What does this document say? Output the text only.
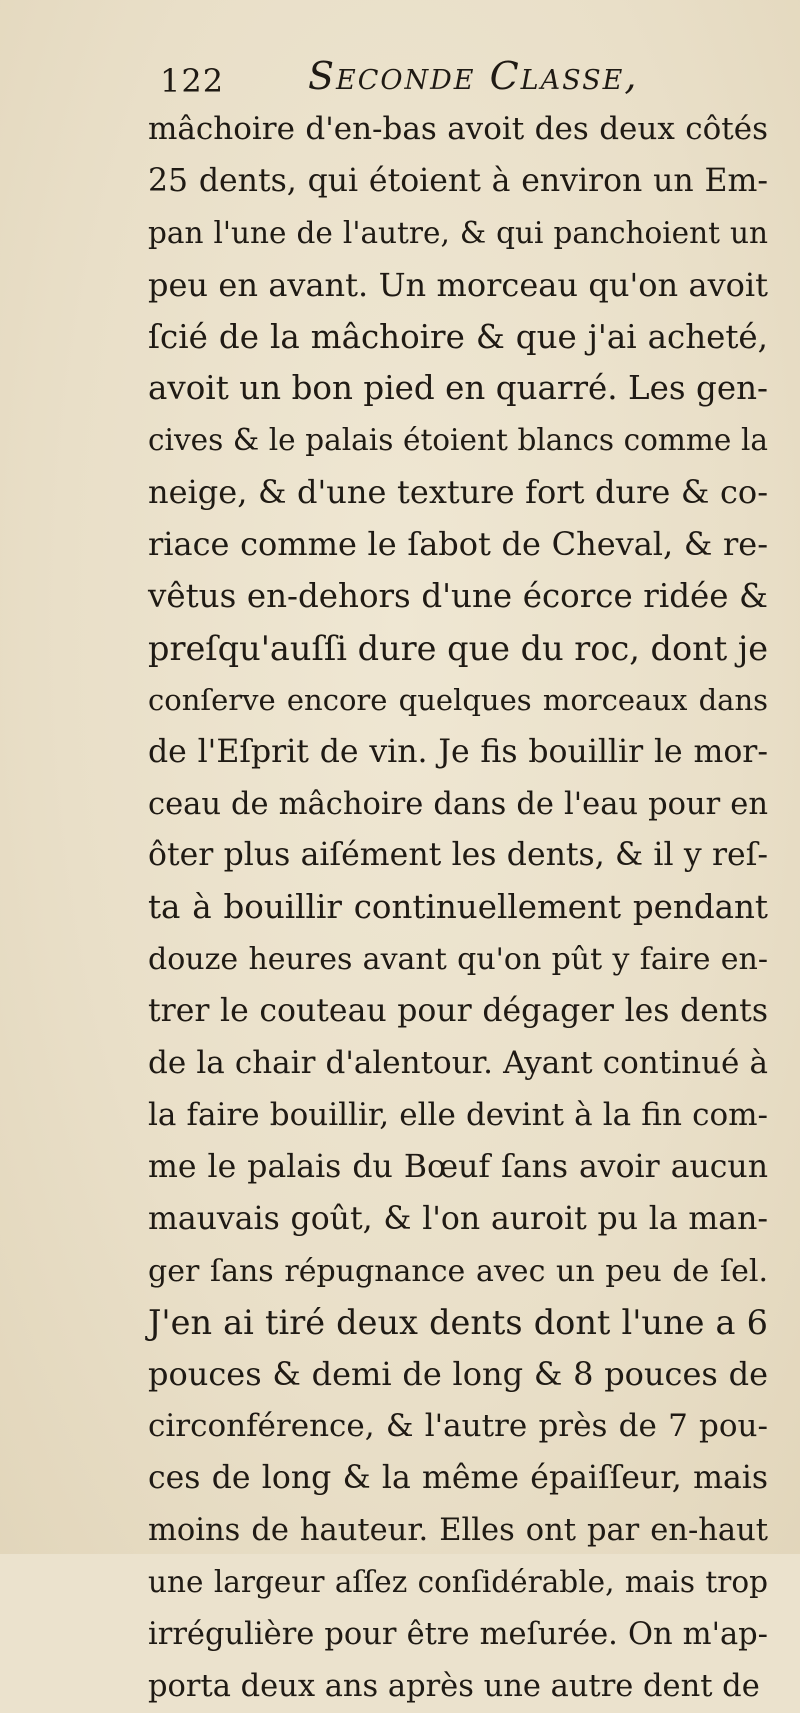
122 Seconde Classe,
mâchoire d'en-bas avoit des deux côtés
25 dents, qui étoient à environ un Em-
pan l'une de l'autre, & qui panchoient un
peu en avant. Un morceau qu'on avoit
ſcié de la mâchoire & que j'ai acheté,
avoit un bon pied en quarré. Les gen-
cives & le palais étoient blancs comme la
neige, & d'une texture fort dure & co-
riace comme le ſabot de Cheval, & re-
vêtus en-dehors d'une écorce ridée &
preſqu'auſſi dure que du roc, dont je
conſerve encore quelques morceaux dans
de l'Eſprit de vin. Je fis bouillir le mor-
ceau de mâchoire dans de l'eau pour en
ôter plus aiſément les dents, & il y reſ-
ta à bouillir continuellement pendant
douze heures avant qu'on pût y faire en-
trer le couteau pour dégager les dents
de la chair d'alentour. Ayant continué à
la faire bouillir, elle devint à la fin com-
me le palais du Bœuf ſans avoir aucun
mauvais goût, & l'on auroit pu la man-
ger ſans répugnance avec un peu de ſel.
J'en ai tiré deux dents dont l'une a 6
pouces & demi de long & 8 pouces de
circonférence, & l'autre près de 7 pou-
ces de long & la même épaiſſeur, mais
moins de hauteur. Elles ont par en-haut
une largeur aſſez conſidérable, mais trop
irrégulière pour être meſurée. On m'ap-
porta deux ans après une autre dent de
